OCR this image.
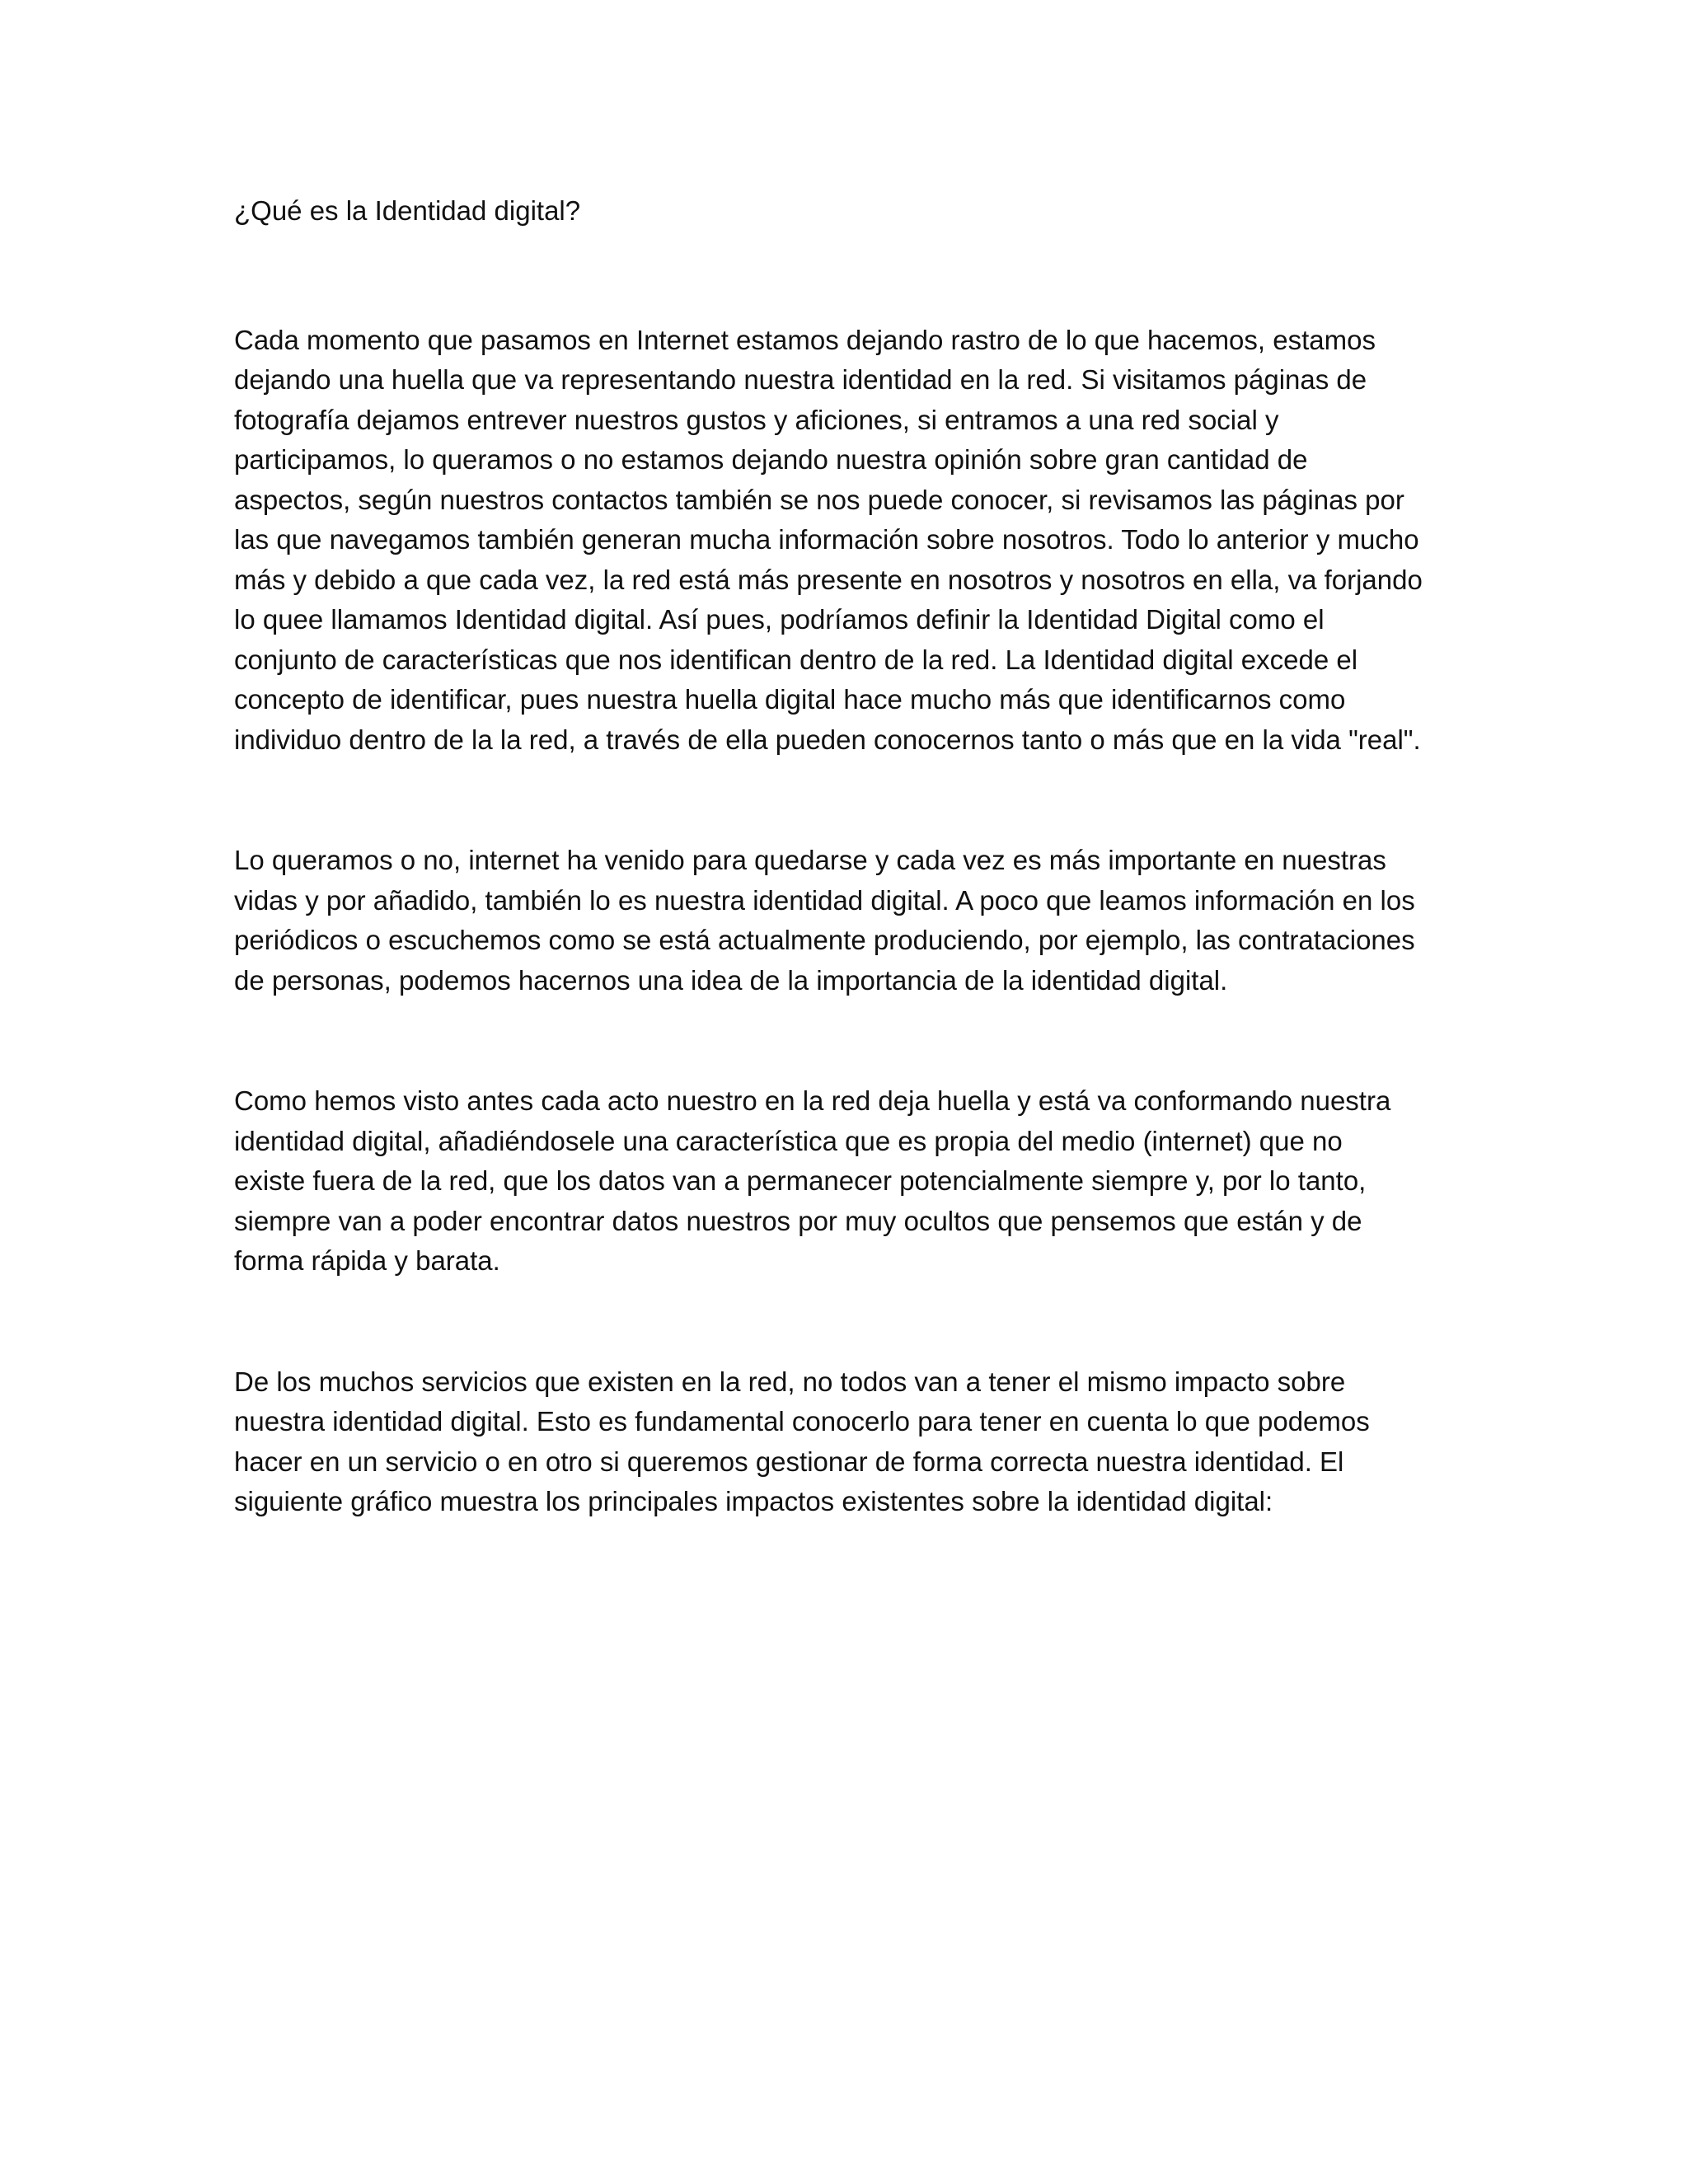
¿Qué es la Identidad digital?
Cada momento que pasamos en Internet estamos dejando rastro de lo que hacemos, estamos
dejando una huella que va representando nuestra identidad en la red. Si visitamos páginas de
fotografía dejamos entrever nuestros gustos y aficiones, si entramos a una red social y
participamos, lo queramos o no estamos dejando nuestra opinión sobre gran cantidad de
aspectos, según nuestros contactos también se nos puede conocer, si revisamos las páginas por
las que navegamos también generan mucha información sobre nosotros. Todo lo anterior y mucho
más y debido a que cada vez, la red está más presente en nosotros y nosotros en ella, va forjando
lo quee llamamos Identidad digital. Así pues, podríamos definir la Identidad Digital como el
conjunto de características que nos identifican dentro de la red. La Identidad digital excede el
concepto de identificar, pues nuestra huella digital hace mucho más que identificarnos como
individuo dentro de la la red, a través de ella pueden conocernos tanto o más que en la vida "real".
Lo queramos o no, internet ha venido para quedarse y cada vez es más importante en nuestras
vidas y por añadido, también lo es nuestra identidad digital. A poco que leamos información en los
periódicos o escuchemos como se está actualmente produciendo, por ejemplo, las contrataciones
de personas, podemos hacernos una idea de la importancia de la identidad digital.
Como hemos visto antes cada acto nuestro en la red deja huella y está va conformando nuestra
identidad digital, añadiéndosele una característica que es propia del medio (internet) que no
existe fuera de la red, que los datos van a permanecer potencialmente siempre y, por lo tanto,
siempre van a poder encontrar datos nuestros por muy ocultos que pensemos que están y de
forma rápida y barata.
De los muchos servicios que existen en la red, no todos van a tener el mismo impacto sobre
nuestra identidad digital. Esto es fundamental conocerlo para tener en cuenta lo que podemos
hacer en un servicio o en otro si queremos gestionar de forma correcta nuestra identidad. El
siguiente gráfico muestra los principales impactos existentes sobre la identidad digital:
